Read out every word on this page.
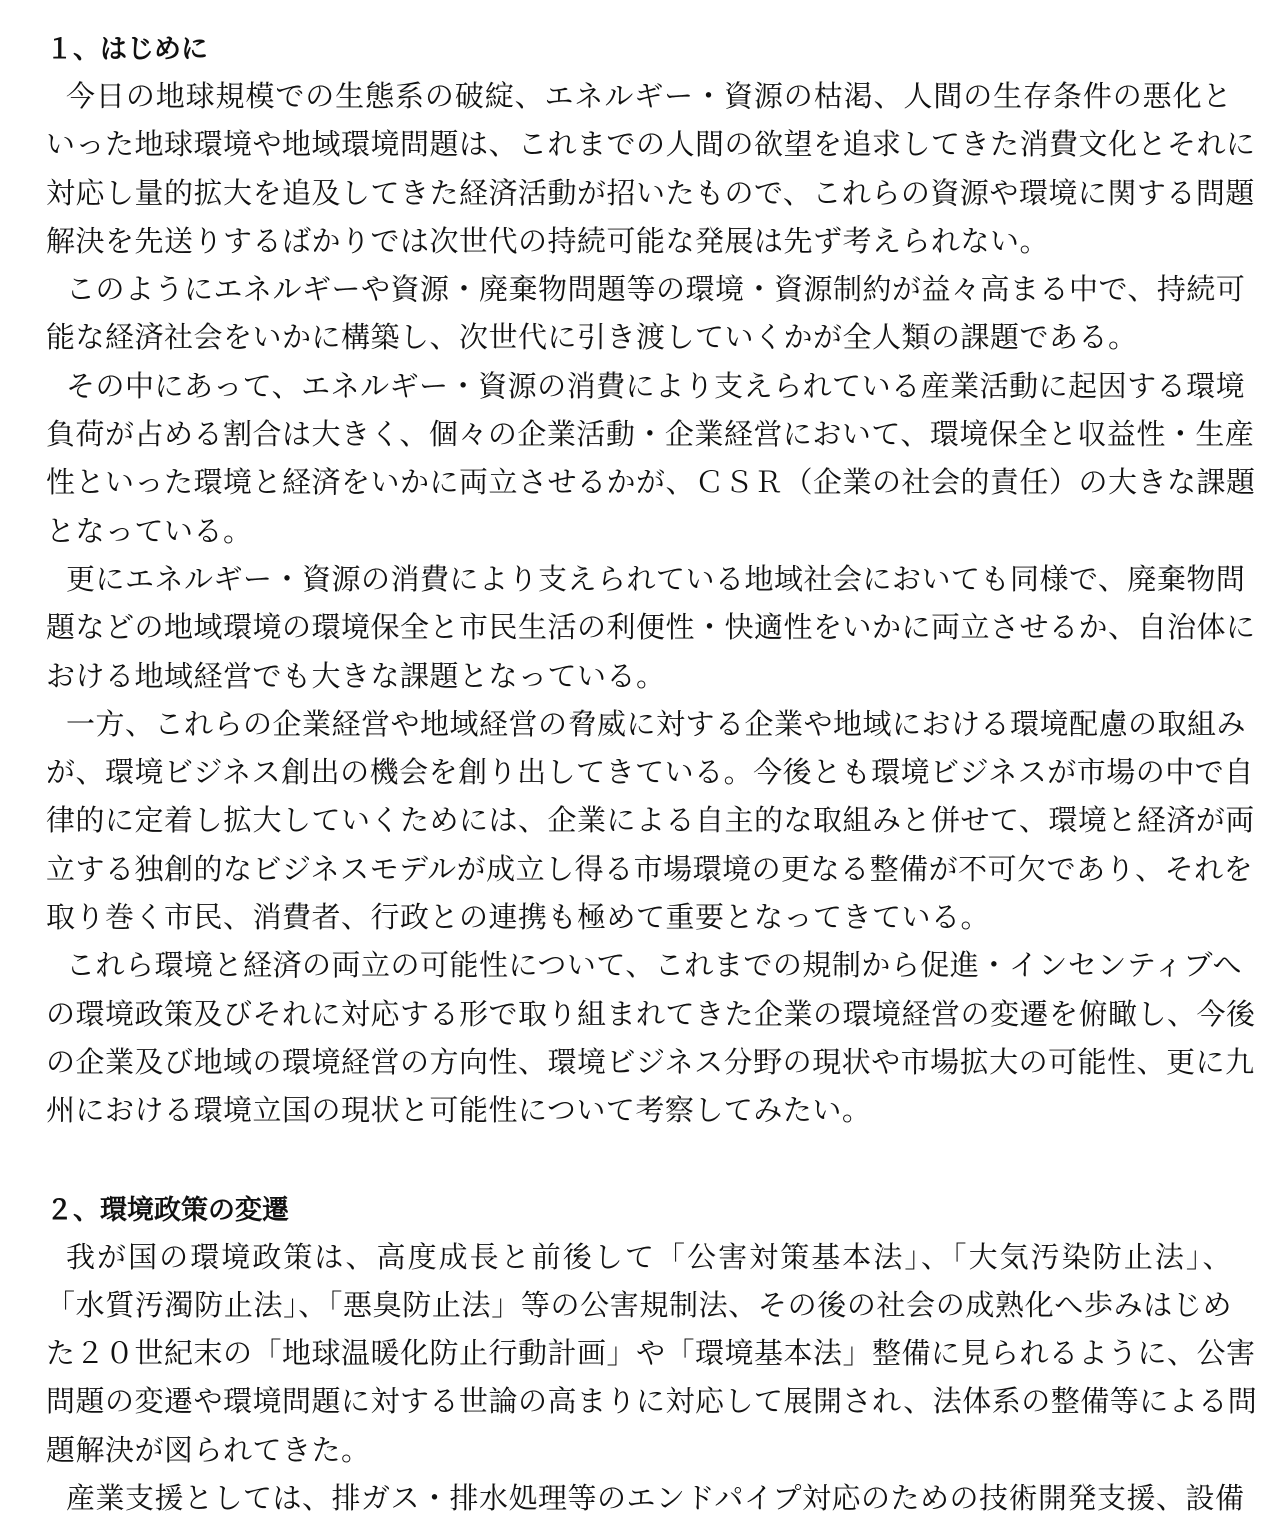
１、はじめに

今日の地球規模での生態系の破綻、エネルギー・資源の枯渇、人間の生存条件の悪化と
いった地球環境や地域環境問題は、これまでの人間の欲望を追求してきた消費文化とそれに
対応し量的拡大を追及してきた経済活動が招いたもので、これらの資源や環境に関する問題
解決を先送りするばかりでは次世代の持続可能な発展は先ず考えられない。

このようにエネルギーや資源・廃棄物問題等の環境・資源制約が益々高まる中で、持続可
能な経済社会をいかに構築し、次世代に引き渡していくかが全人類の課題である。

その中にあって、エネルギー・資源の消費により支えられている産業活動に起因する環境
負荷が占める割合は大きく、個々の企業活動・企業経営において、環境保全と収益性・生産
性といった環境と経済をいかに両立させるかが、ＣＳＲ（企業の社会的責任）の大きな課題
となっている。

更にエネルギー・資源の消費により支えられている地域社会においても同様で、廃棄物問
題などの地域環境の環境保全と市民生活の利便性・快適性をいかに両立させるか、自治体に
おける地域経営でも大きな課題となっている。

一方、これらの企業経営や地域経営の脅威に対する企業や地域における環境配慮の取組み
が、環境ビジネス創出の機会を創り出してきている。今後とも環境ビジネスが市場の中で自
律的に定着し拡大していくためには、企業による自主的な取組みと併せて、環境と経済が両
立する独創的なビジネスモデルが成立し得る市場環境の更なる整備が不可欠であり、それを
取り巻く市民、消費者、行政との連携も極めて重要となってきている。

これら環境と経済の両立の可能性について、これまでの規制から促進・インセンティブへ
の環境政策及びそれに対応する形で取り組まれてきた企業の環境経営の変遷を俯瞰し、今後
の企業及び地域の環境経営の方向性、環境ビジネス分野の現状や市場拡大の可能性、更に九
州における環境立国の現状と可能性について考察してみたい。

２、環境政策の変遷

我が国の環境政策は、高度成長と前後して「公害対策基本法」、「大気汚染防止法」、
「水質汚濁防止法」、「悪臭防止法」等の公害規制法、その後の社会の成熟化へ歩みはじめ
た２０世紀末の「地球温暖化防止行動計画」や「環境基本法」整備に見られるように、公害
問題の変遷や環境問題に対する世論の高まりに対応して展開され、法体系の整備等による問
題解決が図られてきた。

産業支援としては、排ガス・排水処理等のエンドパイプ対応のための技術開発支援、設備
